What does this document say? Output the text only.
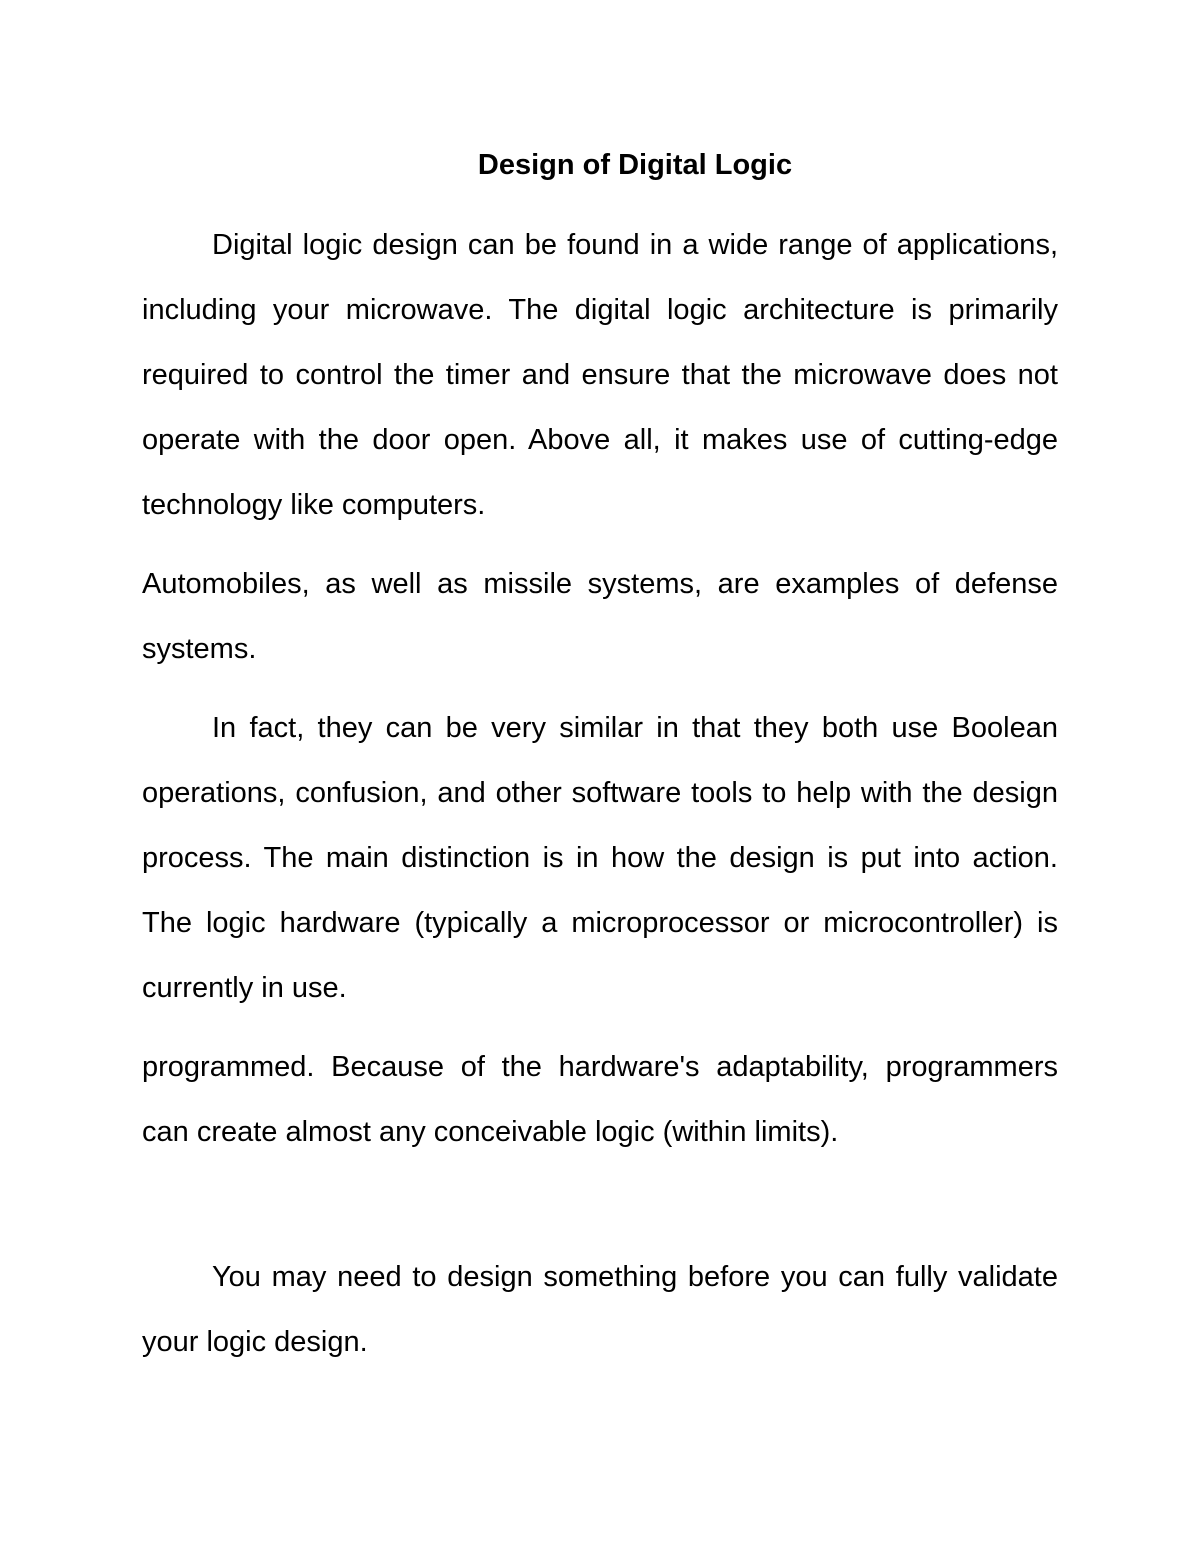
Design of Digital Logic

Digital logic design can be found in a wide range of applications, including your microwave. The digital logic architecture is primarily required to control the timer and ensure that the microwave does not operate with the door open. Above all, it makes use of cutting-edge technology like computers.

Automobiles, as well as missile systems, are examples of defense systems.

In fact, they can be very similar in that they both use Boolean operations, confusion, and other software tools to help with the design process. The main distinction is in how the design is put into action. The logic hardware (typically a microprocessor or microcontroller) is currently in use.

programmed. Because of the hardware's adaptability, programmers can create almost any conceivable logic (within limits).

You may need to design something before you can fully validate your logic design.
